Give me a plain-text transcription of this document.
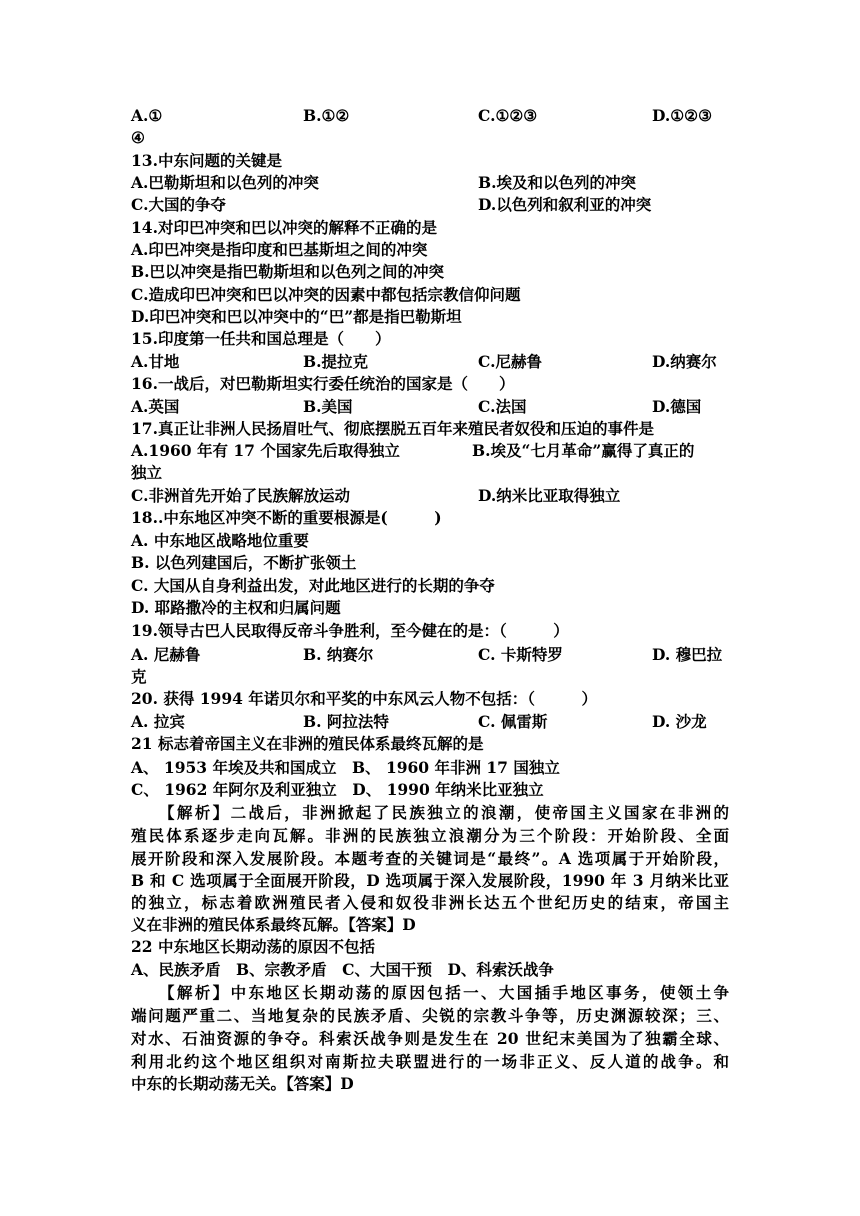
A.①	B.①②	C.①②③	D.①②③
④
13.中东问题的关键是
A.巴勒斯坦和以色列的冲突	B.埃及和以色列的冲突
C.大国的争夺	D.以色列和叙利亚的冲突
14.对印巴冲突和巴以冲突的解释不正确的是
A.印巴冲突是指印度和巴基斯坦之间的冲突
B.巴以冲突是指巴勒斯坦和以色列之间的冲突
C.造成印巴冲突和巴以冲突的因素中都包括宗教信仰问题
D.印巴冲突和巴以冲突中的“巴”都是指巴勒斯坦
15.印度第一任共和国总理是（　　）
A.甘地	B.提拉克	C.尼赫鲁	D.纳赛尔
16.一战后，对巴勒斯坦实行委任统治的国家是（　　）
A.英国	B.美国	C.法国	D.德国
17.真正让非洲人民扬眉吐气、彻底摆脱五百年来殖民者奴役和压迫的事件是
A.1960 年有 17 个国家先后取得独立	B.埃及“七月革命”赢得了真正的
独立
C.非洲首先开始了民族解放运动	D.纳米比亚取得独立
18..中东地区冲突不断的重要根源是(　　　)
A. 中东地区战略地位重要
B. 以色列建国后，不断扩张领土
C. 大国从自身利益出发，对此地区进行的长期的争夺
D. 耶路撒冷的主权和归属问题
19.领导古巴人民取得反帝斗争胜利，至今健在的是：（　　　）
A. 尼赫鲁	B. 纳赛尔	C. 卡斯特罗	D. 穆巴拉
克
20. 获得 1994 年诺贝尔和平奖的中东风云人物不包括：（　　　）
A. 拉宾	B. 阿拉法特	C. 佩雷斯	D. 沙龙
21 标志着帝国主义在非洲的殖民体系最终瓦解的是
A、 1953 年埃及共和国成立　B、 1960 年非洲 17 国独立
C、 1962 年阿尔及利亚独立　D、 1990 年纳米比亚独立
　　【解析】二战后，非洲掀起了民族独立的浪潮，使帝国主义国家在非洲的
殖民体系逐步走向瓦解。非洲的民族独立浪潮分为三个阶段：开始阶段、全面
展开阶段和深入发展阶段。本题考查的关键词是“最终”。A 选项属于开始阶段，
B 和 C 选项属于全面展开阶段，D 选项属于深入发展阶段，1990 年 3 月纳米比亚
的独立，标志着欧洲殖民者入侵和奴役非洲长达五个世纪历史的结束，帝国主
义在非洲的殖民体系最终瓦解。【答案】D
22 中东地区长期动荡的原因不包括
A、民族矛盾　B、宗教矛盾　C、大国干预　D、科索沃战争
　　【解析】中东地区长期动荡的原因包括一、大国插手地区事务，使领土争
端问题严重二、当地复杂的民族矛盾、尖锐的宗教斗争等，历史渊源较深；三、
对水、石油资源的争夺。科索沃战争则是发生在 20 世纪末美国为了独霸全球、
利用北约这个地区组织对南斯拉夫联盟进行的一场非正义、反人道的战争。和
中东的长期动荡无关。【答案】D
